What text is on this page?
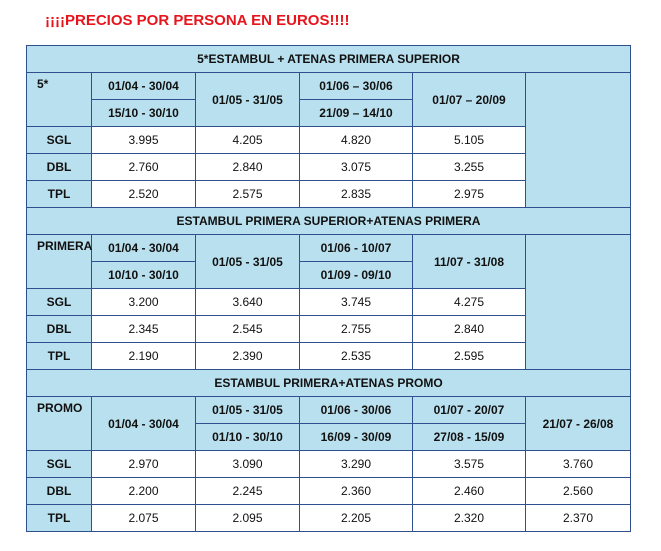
¡¡¡¡PRECIOS POR PERSONA EN EUROS!!!!
5*ESTAMBUL + ATENAS PRIMERA SUPERIOR					
5*	01/04 - 30/04	01/05 - 31/05	01/06 – 30/06	01/07 – 20/09	
	15/10 - 30/10		21/09 – 14/10		
SGL	3.995	4.205	4.820	5.105	
DBL	2.760	2.840	3.075	3.255	
TPL	2.520	2.575	2.835	2.975	
ESTAMBUL PRIMERA SUPERIOR+ATENAS PRIMERA					
PRIMERA	01/04 - 30/04	01/05 - 31/05	01/06 - 10/07	11/07 - 31/08	
	10/10 - 30/10		01/09 - 09/10		
SGL	3.200	3.640	3.745	4.275	
DBL	2.345	2.545	2.755	2.840	
TPL	2.190	2.390	2.535	2.595	
ESTAMBUL PRIMERA+ATENAS PROMO					
PROMO	01/04 - 30/04	01/05 - 31/05	01/06 - 30/06	01/07 - 20/07	21/07 - 26/08
		01/10 - 30/10	16/09 - 30/09	27/08 - 15/09	
SGL	2.970	3.090	3.290	3.575	3.760
DBL	2.200	2.245	2.360	2.460	2.560
TPL	2.075	2.095	2.205	2.320	2.370
